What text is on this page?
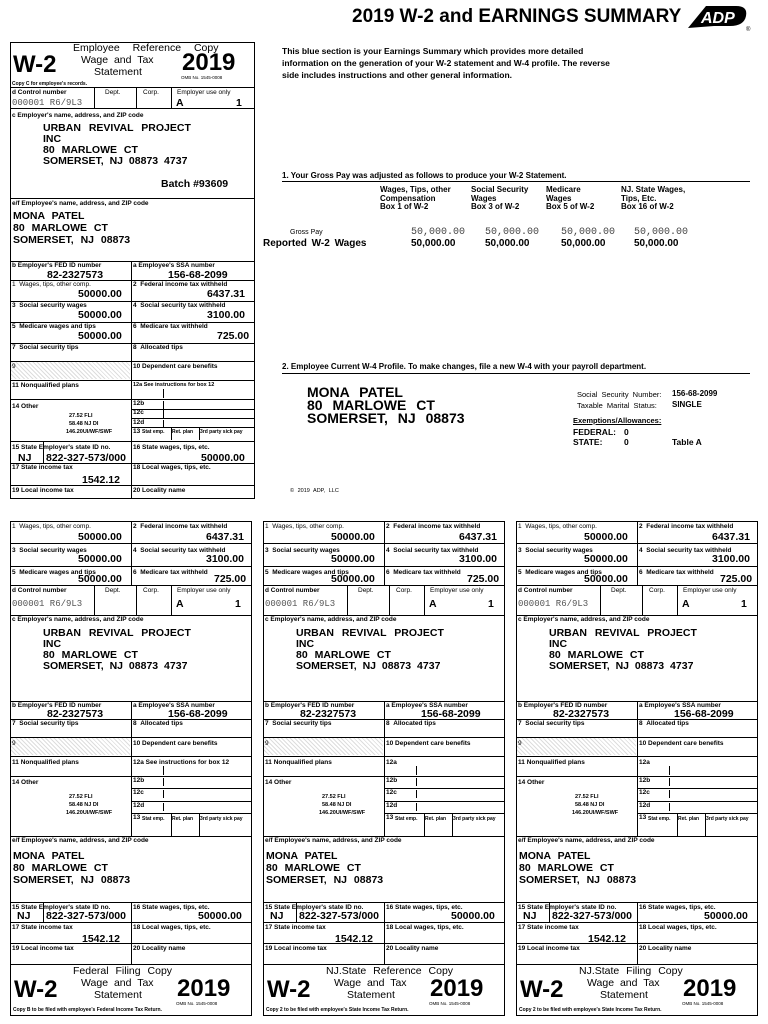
2019 W-2 and EARNINGS SUMMARY ADP
®
W-2
Employee Reference Copy
Wage and Tax
Statement 2019
OMB No. 1545-0008
Copy C for employee's records.
d Control number	Dept.	Corp.	Employer use only
000001 R6/9L3	A	1
c Employer's name, address, and ZIP code
URBAN REVIVAL PROJECT
INC
80 MARLOWE CT
SOMERSET, NJ 08873 4737
Batch #93609
e/f Employee's name, address, and ZIP code
MONA PATEL
80 MARLOWE CT
SOMERSET, NJ 08873
b Employer's FED ID number
82-2327573
a Employee's SSA number
156-68-2099
1  Wages, tips, other comp.
50000.00
2  Federal income tax withheld
6437.31
3  Social security wages
50000.00
4  Social security tax withheld
3100.00
5  Medicare wages and tips
50000.00
6  Medicare tax withheld
725.00
7  Social security tips	8  Allocated tips
9	10 Dependent care benefits
11 Nonqualified plans	12a See instructions for box 12
14 Other
27.52 FLI
58.48 NJ DI
146.20UI/WF/SWF
12b
12c
12d
13 Stat emp. Ret. plan 3rd party sick pay
15 State Employer's state ID no.
NJ 822-327-573/000
16 State wages, tips, etc.
50000.00
17 State income tax
1542.12
18 Local wages, tips, etc.
19 Local income tax	20 Locality name
This blue section is your Earnings Summary which provides more detailed information on the generation of your W-2 statement and W-4 profile. The reverse side includes instructions and other general information.
1. Your Gross Pay was adjusted as follows to produce your W-2 Statement.
Wages, Tips, other
Compensation
Box 1 of W-2
Social Security
Wages
Box 3 of W-2
Medicare
Wages
Box 5 of W-2
NJ. State Wages,
Tips, Etc.
Box 16 of W-2
Gross Pay	50,000.00 50,000.00 50,000.00 50,000.00
Reported W-2 Wages	50,000.00	50,000.00	50,000.00	50,000.00
2. Employee Current W-4 Profile. To make changes, file a new W-4 with your payroll department.
MONA PATEL
80 MARLOWE CT
SOMERSET, NJ 08873
Social Security Number: 156-68-2099
Taxable Marital Status: SINGLE
Exemptions/Allowances:
FEDERAL: 0
STATE:	0	Table A
© 2019 ADP, LLC
1  Wages, tips, other comp.
50000.00
2  Federal income tax withheld
6437.31
3  Social security wages
50000.00
4  Social security tax withheld
3100.00
5  Medicare wages and tips
50000.00
6  Medicare tax withheld
725.00
d Control number	Dept.	Corp.	Employer use only
000001 R6/9L3	A	1
c Employer's name, address, and ZIP code
URBAN REVIVAL PROJECT
INC
80 MARLOWE CT
SOMERSET, NJ 08873 4737
b Employer's FED ID number
82-2327573
a Employee's SSA number
156-68-2099
7  Social security tips	8  Allocated tips
9	10 Dependent care benefits
11 Nonqualified plans	12a See instructions for box 12
14 Other
27.52 FLI
58.48 NJ DI
146.20UI/WF/SWF
12b
12c
12d
13 Stat emp. Ret. plan 3rd party sick pay
e/f Employee's name, address, and ZIP code
MONA PATEL
80 MARLOWE CT
SOMERSET, NJ 08873
15 State Employer's state ID no.
NJ 822-327-573/000
16 State wages, tips, etc.
50000.00
17 State income tax
1542.12
18 Local wages, tips, etc.
19 Local income tax	20 Locality name
W-2
Federal Filing Copy
Wage and Tax
Statement 2019
OMB No. 1545-0008
Copy B to be filed with employee's Federal Income Tax Return.
1  Wages, tips, other comp.
50000.00
2  Federal income tax withheld
6437.31
3  Social security wages
50000.00
4  Social security tax withheld
3100.00
5  Medicare wages and tips
50000.00
6  Medicare tax withheld
725.00
d Control number	Dept.	Corp.	Employer use only
000001 R6/9L3	A	1
c Employer's name, address, and ZIP code
URBAN REVIVAL PROJECT
INC
80 MARLOWE CT
SOMERSET, NJ 08873 4737
b Employer's FED ID number
82-2327573
a Employee's SSA number
156-68-2099
7  Social security tips	8  Allocated tips
9	10 Dependent care benefits
11 Nonqualified plans	12a
14 Other
27.52 FLI
58.48 NJ DI
146.20UI/WF/SWF
12b
12c
12d
13 Stat emp. Ret. plan 3rd party sick pay
e/f Employee's name, address, and ZIP code
MONA PATEL
80 MARLOWE CT
SOMERSET, NJ 08873
15 State Employer's state ID no.
NJ 822-327-573/000
16 State wages, tips, etc.
50000.00
17 State income tax
1542.12
18 Local wages, tips, etc.
19 Local income tax	20 Locality name
W-2
NJ.State Reference Copy
Wage and Tax
Statement 2019
OMB No. 1545-0008
Copy 2 to be filed with employee's State Income Tax Return.
1  Wages, tips, other comp.
50000.00
2  Federal income tax withheld
6437.31
3  Social security wages
50000.00
4  Social security tax withheld
3100.00
5  Medicare wages and tips
50000.00
6  Medicare tax withheld
725.00
d Control number	Dept.	Corp.	Employer use only
000001 R6/9L3	A	1
c Employer's name, address, and ZIP code
URBAN REVIVAL PROJECT
INC
80 MARLOWE CT
SOMERSET, NJ 08873 4737
b Employer's FED ID number
82-2327573
a Employee's SSA number
156-68-2099
7  Social security tips	8  Allocated tips
9	10 Dependent care benefits
11 Nonqualified plans	12a
14 Other
27.52 FLI
58.48 NJ DI
146.20UI/WF/SWF
12b
12c
12d
13 Stat emp. Ret. plan 3rd party sick pay
e/f Employee's name, address, and ZIP code
MONA PATEL
80 MARLOWE CT
SOMERSET, NJ 08873
15 State Employer's state ID no.
NJ 822-327-573/000
16 State wages, tips, etc.
50000.00
17 State income tax
1542.12
18 Local wages, tips, etc.
19 Local income tax	20 Locality name
W-2
NJ.State Filing Copy
Wage and Tax
Statement 2019
OMB No. 1545-0008
Copy 2 to be filed with employee's State Income Tax Return.
